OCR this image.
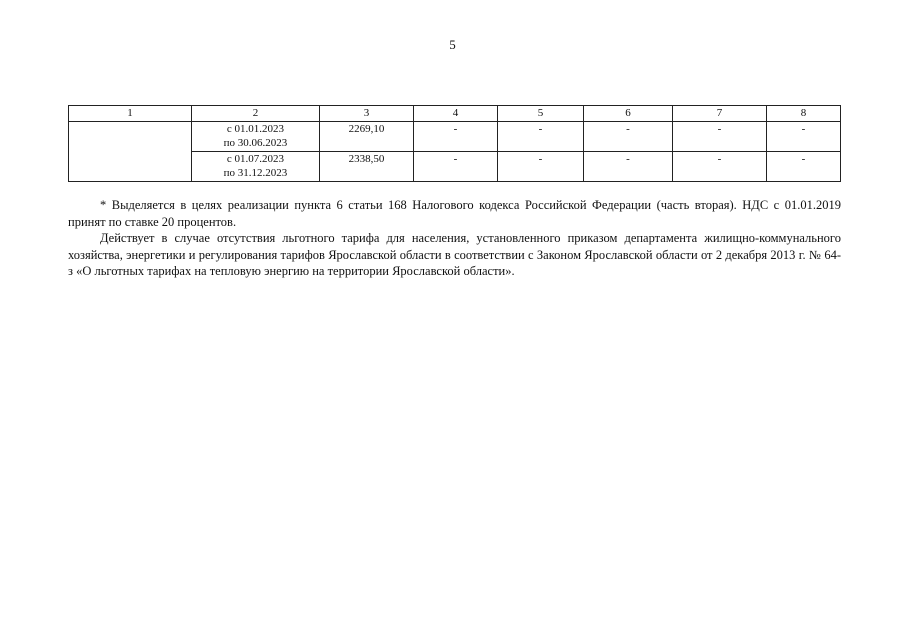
5
1	2	3	4	5	6	7	8

	с 01.01.2023
по 30.06.2023	2269,10	-	-	-	-	-

	с 01.07.2023
по 31.12.2023	2338,50	-	-	-	-	-

* Выделяется в целях реализации пункта 6 статьи 168 Налогового кодекса Российской Федерации (часть вторая). НДС с 01.01.2019 принят по ставке 20 процентов.

Действует в случае отсутствия льготного тарифа для населения, установленного приказом департамента жилищно-коммунального хозяйства, энергетики и регулирования тарифов Ярославской области в соответствии с Законом Ярославской области от 2 декабря 2013 г. № 64-з «О льготных тарифах на тепловую энергию на территории Ярославской области».
